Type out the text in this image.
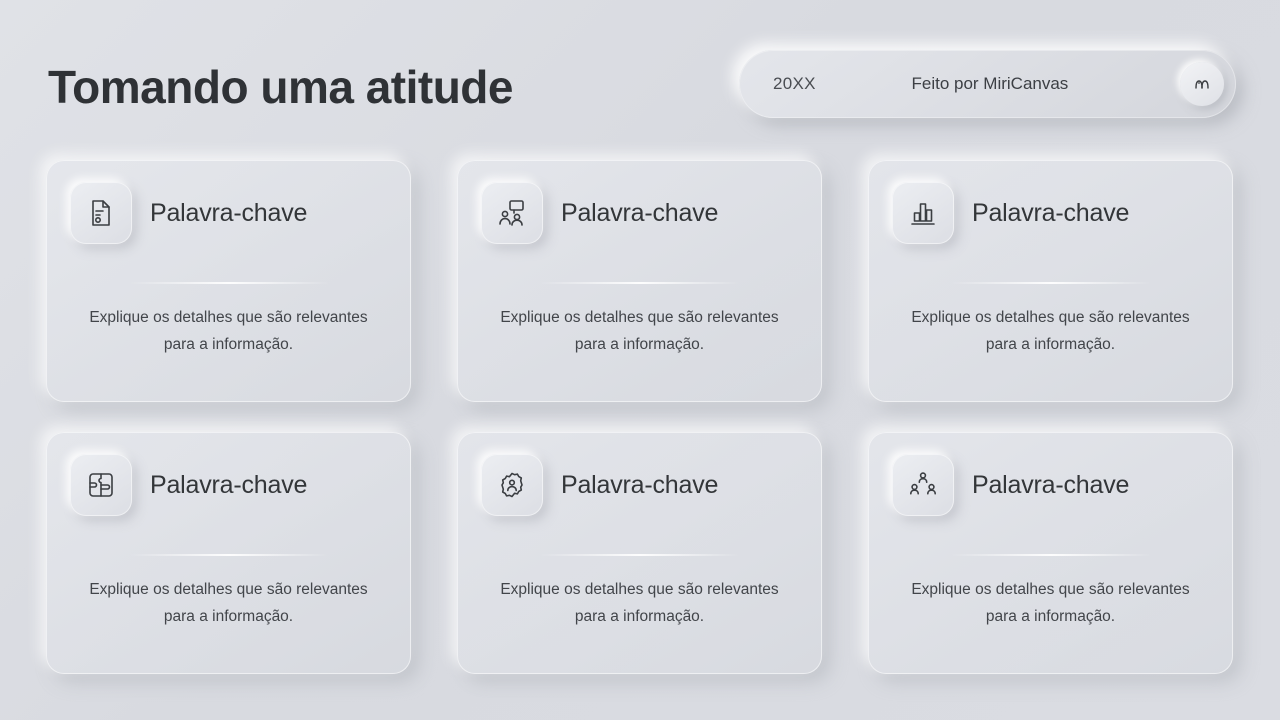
Tomando uma atitude	20XX	Feito por MiriCanvas
Palavra-chave
Explique os detalhes que são relevantes para a informação.
Palavra-chave
Explique os detalhes que são relevantes para a informação.
Palavra-chave
Explique os detalhes que são relevantes para a informação.
Palavra-chave
Explique os detalhes que são relevantes para a informação.
Palavra-chave
Explique os detalhes que são relevantes para a informação.
Palavra-chave
Explique os detalhes que são relevantes para a informação.
